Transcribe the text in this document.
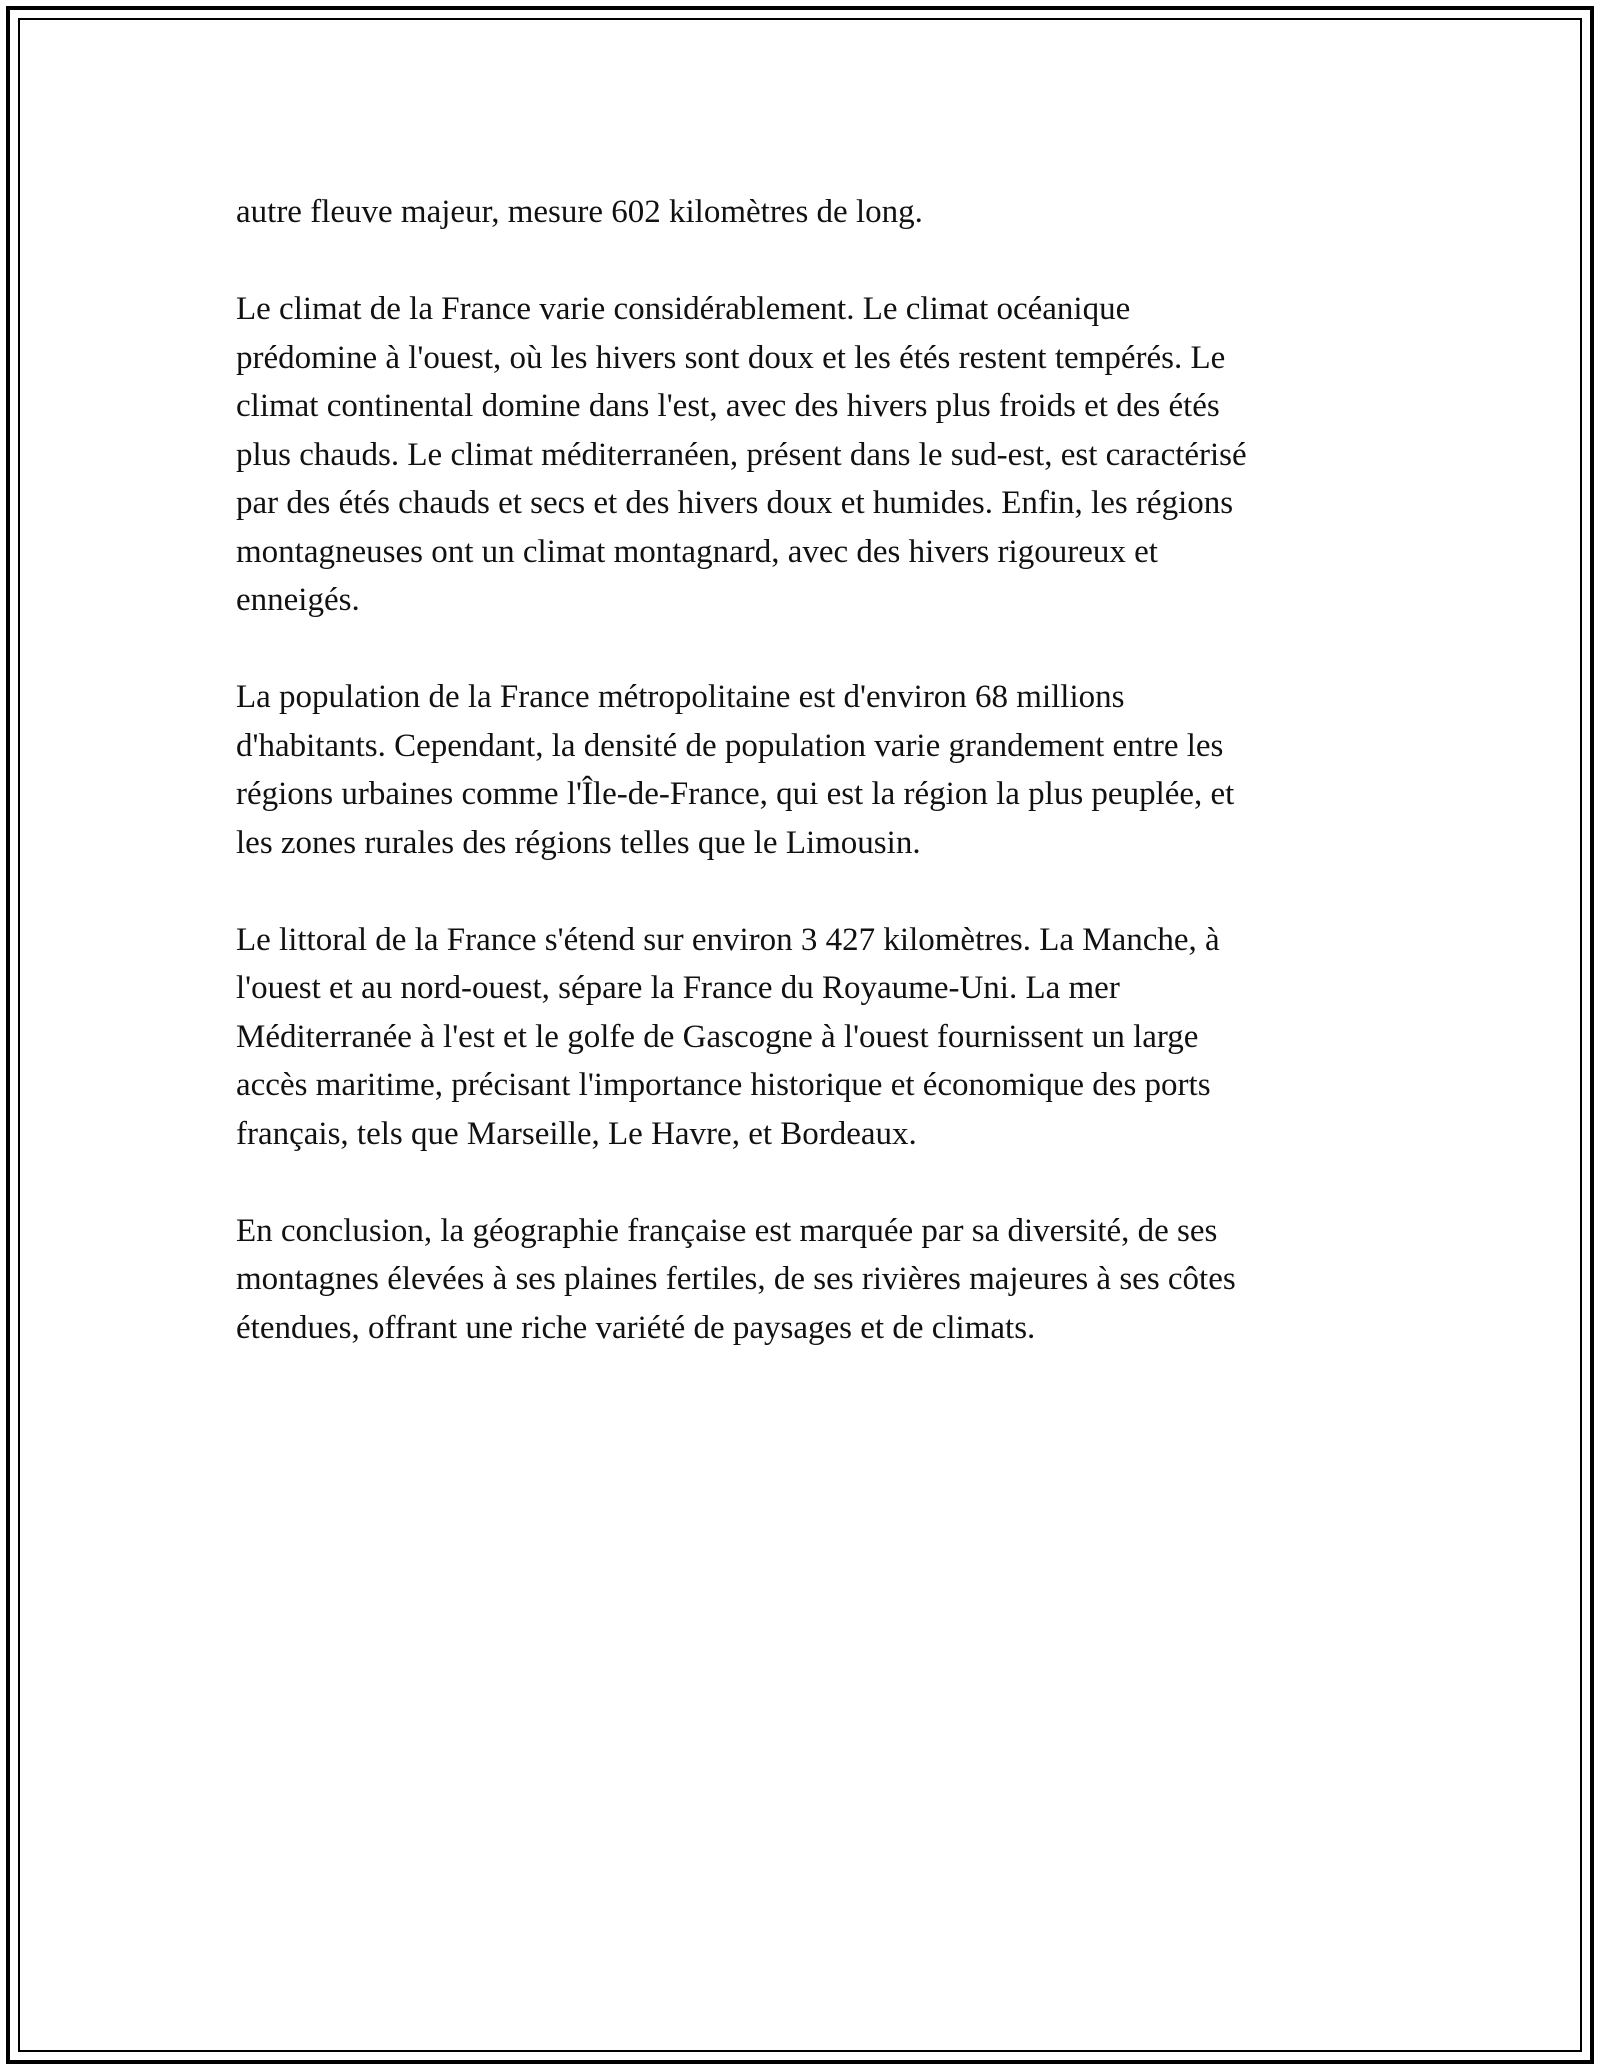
autre fleuve majeur, mesure 602 kilomètres de long.

Le climat de la France varie considérablement. Le climat océanique
prédomine à l'ouest, où les hivers sont doux et les étés restent tempérés. Le
climat continental domine dans l'est, avec des hivers plus froids et des étés
plus chauds. Le climat méditerranéen, présent dans le sud-est, est caractérisé
par des étés chauds et secs et des hivers doux et humides. Enfin, les régions
montagneuses ont un climat montagnard, avec des hivers rigoureux et
enneigés.

La population de la France métropolitaine est d'environ 68 millions
d'habitants. Cependant, la densité de population varie grandement entre les
régions urbaines comme l'Île-de-France, qui est la région la plus peuplée, et
les zones rurales des régions telles que le Limousin.

Le littoral de la France s'étend sur environ 3 427 kilomètres. La Manche, à
l'ouest et au nord-ouest, sépare la France du Royaume-Uni. La mer
Méditerranée à l'est et le golfe de Gascogne à l'ouest fournissent un large
accès maritime, précisant l'importance historique et économique des ports
français, tels que Marseille, Le Havre, et Bordeaux.

En conclusion, la géographie française est marquée par sa diversité, de ses
montagnes élevées à ses plaines fertiles, de ses rivières majeures à ses côtes
étendues, offrant une riche variété de paysages et de climats.
